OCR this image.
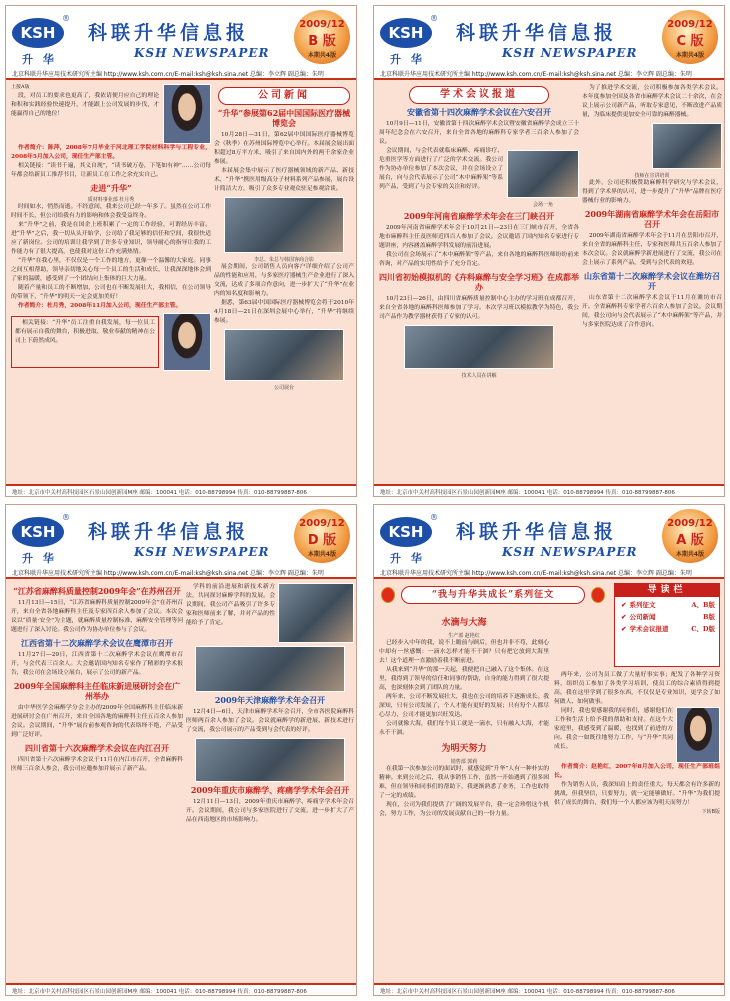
KSH
®
升 华
科联升华信息报
KSH NEWSPAPER
2009/12
B 版
本期共4版
北京科联升华应用技术研究所主编 http://www.ksh.com.cn/E-mail:ksh@ksh.sina.net 总编：李立辉 副总编：朱明

上接A版

段，对员工的要求也更高了，我依请便月应自己的理论和积和实践经验快速提升，才能跟上公司发展的步伐，才能赢得自己的地位！

作者简介：陈萍，2008年7月毕业于河北理工学院材料科学与工程专业，2008年5月加入公司，现任生产部主管。

相关链接：“读书千遍，其义自现”，“读书破万卷，下笔如有神”……公司每年都会给新员工推荐书目，让新员工在工作之余充实自己。

走进“升华”
质材料事业部 杜月秀

时间如水，悄然而逝。不经意间，我来公司已经一年多了。虽然在公司工作时间不长，但公司给我有力的影响和体会我受益终身。

来“升华”之前，我是在国企上班积累了一定的工作经验，可谓经历丰富。进“升华”之后，我一切从头开始学，公司给了我足够的信任和空间，我很快适应了新岗位。公司的培训让我学到了许多专业知识，领导耐心的指导让我的工作能力有了很大提高，也使我对这份工作充满热情。

“升华”在我心里，不仅仅是一个工作的地方，更像一个温馨的大家庭。同事之间互相帮助，领导亲切地关心每一个员工的生活和成长，让我深深地体会到了家的温暖，感受到了一个团结向上集体的巨大力量。

随着产量和员工的不断增加，公司也在不断发展壮大，我相信，在公司领导的带领下，“升华”的明天一定会更加美好！

作者简介：杜月秀，2008年11月加入公司，现任生产部主管。

相关链接：“升华”员工注重自我发展，每一位员工都有展示自我的舞台，积极进取、敬业奉献的精神在公司上下蔚然成风。

公司新闻
“升华”参展第62届中国国际医疗器械博览会

10月28日—31日，第62届中国国际医疗器械博览会（秋季）在苏州国际博览中心举行。本届展会展出面积超过8万平方米，吸引了来自国内外的两千余家企业参展。

本届展会集中展示了医疗器械领域的新产品、新技术，“升华”携医用级高分子材料系列产品参展，展台设计简洁大方，吸引了众多专业观众驻足参观洽谈。

李总、朱总与韩国客商合影

展会期间，公司销售人员向客户详细介绍了公司产品的性能和应用，与多家医疗器械生产企业进行了深入交流，达成了多项合作意向，进一步扩大了“升华”在业内的知名度和影响力。

据悉，第63届中国国际医疗器械博览会将于2010年4月18日—21日在深圳会展中心举行，“升华”将继续参展。

公司展台
地址：北京市中关村高科技园区石景山园创新园M座 邮编：100041 电话：010-88798994 传真：010-88799887-806
KSH
®
升 华
科联升华信息报
KSH NEWSPAPER
2009/12
C 版
本期共4版
北京科联升华应用技术研究所主编 http://www.ksh.com.cn/E-mail:ksh@ksh.sina.net 总编：李立辉 副总编：朱明
学术会议报道
安徽省第十四次麻醉学术会议在六安召开

10月9日—11日，安徽省第十四次麻醉学术会议暨安徽省麻醉学会成立三十周年纪念会在六安召开，来自全省各地的麻醉科专家学者三百余人参加了会议。

会议期间，与会代表就临床麻醉、疼痛诊疗、危重医学等方面进行了广泛的学术交流。我公司作为协办单位参加了本次会议，并在会场设立了展台，向与会代表展示了公司“木中麻醉架”等系列产品，受到了与会专家的关注和好评。

会场一角
2009年河南省麻醉学术年会在三门峡召开

2009年河南省麻醉学术年会于10月21日—23日在三门峡市召开，全省各地市麻醉科主任及医师近四百人参加了会议。会议邀请了国内知名专家进行专题讲座，内容涵盖麻醉学科发展的前沿进展。

我公司在会场展示了“木中麻醉架”等产品，来自各地的麻醉科医师纷纷前来咨询，对产品的实用性给予了充分肯定。

四川省初始模拟机的《卉科麻醉与安全学习班》在成都举办

10月23日—26日，由四川省麻醉质量控制中心主办的学习班在成都召开，来自全省各地的麻醉科医师参加了学习。本次学习班以模拟教学为特色，我公司产品作为教学器材获得了专家的认可。

技术人员在讲解

为了推进学术交流，公司积极参加各类学术会议。本年度参加全国及各省市麻醉学术会议二十余次，在会议上展示公司新产品，听取专家意见，不断改进产品质量，为临床提供更加安全可靠的麻醉器械。

技师在宣讲培训

此外，公司还积极赞助麻醉科学研究与学术会议，得到了学术界的认可，进一步提升了“升华”品牌在医疗器械行业的影响力。

2009年湖南省麻醉学术年会在岳阳市召开

2009年湖南省麻醉学术年会于11月在岳阳市召开，来自全省的麻醉科主任、专家和医师共五百余人参加了本次会议。会议就麻醉学新进展进行了交流，我公司在会上展示了系列产品，受到与会代表的欢迎。

山东省第十二次麻醉学术会议在潍坊召开

山东省第十二次麻醉学术会议于11月在潍坊市召开。全省麻醉科专家学者六百余人参加了会议。会议期间，我公司向与会代表展示了“木中麻醉架”等产品，并与多家医院达成了合作意向。

地址：北京市中关村高科技园区石景山园创新园M座 邮编：100041 电话：010-88798994 传真：010-88799887-806
KSH
®
升 华
科联升华信息报
KSH NEWSPAPER
2009/12
D 版
本期共4版
北京科联升华应用技术研究所主编 http://www.ksh.com.cn/E-mail:ksh@ksh.sina.net 总编：李立辉 副总编：朱明
“江苏省麻醉科质量控制2009年会”在苏州召开

11月13日—15日，“江苏省麻醉科质量控制2009年会”在苏州召开，来自全省各地麻醉科主任及专家四百余人参加了会议。本次会议以“质量·安全”为主题，就麻醉质量控制标准、麻醉安全管理等问题进行了深入讨论。我公司作为协办单位参与了会议。

江西省第十二次麻醉学术会议在鹰潭市召开

11月27日—29日，江西省第十二次麻醉学术会议在鹰潭市召开，与会代表三百余人。大会邀请国内知名专家作了精彩的学术报告，我公司在会场设立展台，展示了公司的新产品。

2009年全国麻醉科主任临床新进展研讨会在广州举办

由中华医学会麻醉学分会主办的2009年全国麻醉科主任临床新进展研讨会在广州召开，来自全国各地的麻醉科主任五百余人参加会议。会议期间，“升华”展台前参观咨询的代表络绎不绝，产品受到广泛好评。

四川省第十六次麻醉学术会议在内江召开

四川省第十六次麻醉学术会议于11月在内江市召开，全省麻醉科医师三百余人参会，我公司应邀参加并展示了新产品。

学科的前沿进展和新技术新方法，共同探讨麻醉学科的发展。会议期间，我公司产品吸引了许多专家和医师前来了解，并对产品的性能给予了肯定。

2009年天津麻醉学术年会召开

12月4日—6日，天津市麻醉学术年会召开，全市各医院麻醉科医师两百余人参加了会议。会议就麻醉学的新进展、新技术进行了交流，我公司展示的产品受到与会代表的好评。

2009年重庆市麻醉学、疼痛学学术年会召开

12月11日—13日，2009年重庆市麻醉学、疼痛学学术年会召开。会议期间，我公司与多家医院进行了交流，进一步扩大了产品在西南地区的市场影响力。

地址：北京市中关村高科技园区石景山园创新园M座 邮编：100041 电话：010-88798994 传真：010-88799887-806
KSH
®
升 华
科联升华信息报
KSH NEWSPAPER
2009/12
A 版
本期共4版
北京科联升华应用技术研究所主编 http://www.ksh.com.cn/E-mail:ksh@ksh.sina.net 总编：李立辉 副总编：朱明
“我与升华共成长”系列征文	导读栏
✔ 系列征文	A、B版
✔ 公司新闻	B版
✔ 学术会议报道	C、D版
水滴与大海
生产部 赵艳红

已经步入中年的我，说不上瞻前与顾后，但也并非不苟，此刻心中却有一丝感慨：一滴水怎样才能不干涸？只有把它放到大海里去！这个道理一直激励着我不断前进。

从我来到“升华”的那一天起，我便把自己融入了这个集体。在这里，我得到了领导的信任和同事的帮助，自身的能力得到了很大提高，也深刻体会到了团队的力量。

两年来，公司不断发展壮大，我也在公司的培养下逐渐成长。我深知，只有公司发展了，个人才能有更好的发展；只有每个人都尽心尽力，公司才能更加兴旺发达。

公司就像大海，我们每个员工就是一滴水，只有融入大海，才能永不干涸。

为明天努力
销售部 郭莉

在我第一次参加公司的面试时，就感觉到“升华”人有一种朴实的精神。来到公司之后，我从事销售工作，虽然一开始遇到了很多困难，但在领导和同事们的帮助下，我逐渐熟悉了业务，工作也取得了一定的成绩。

现在，公司为我们提供了广阔的发展平台，我一定会珍惜这个机会，努力工作，为公司的发展贡献自己的一份力量。

两年来，公司为员工做了大量好事实事；配发了各种学习资料，组织员工参加了各类学习培训，使员工的综合素质得到提高。我在这里学到了很多东西，不仅仅是专业知识，更学会了如何做人、如何做事。

同时，我也要感谢我的同事们，感谢他们在工作和生活上给予我的帮助和支持。在这个大家庭里，我感受到了温暖，也找到了前进的方向。我会一如既往地努力工作，与“升华”共同成长。

作者简介：赵艳红，2007年8月加入公司，现任生产部班组长。

作为销售人员，我深知肩上的责任重大。每天都会有许多新的挑战，但我坚信，只要努力，就一定能够做好。“升华”为我们提供了成长的舞台，我们每一个人都应该为明天而努力！

下转B版
地址：北京市中关村高科技园区石景山园创新园M座 邮编：100041 电话：010-88798994 传真：010-88799887-806
